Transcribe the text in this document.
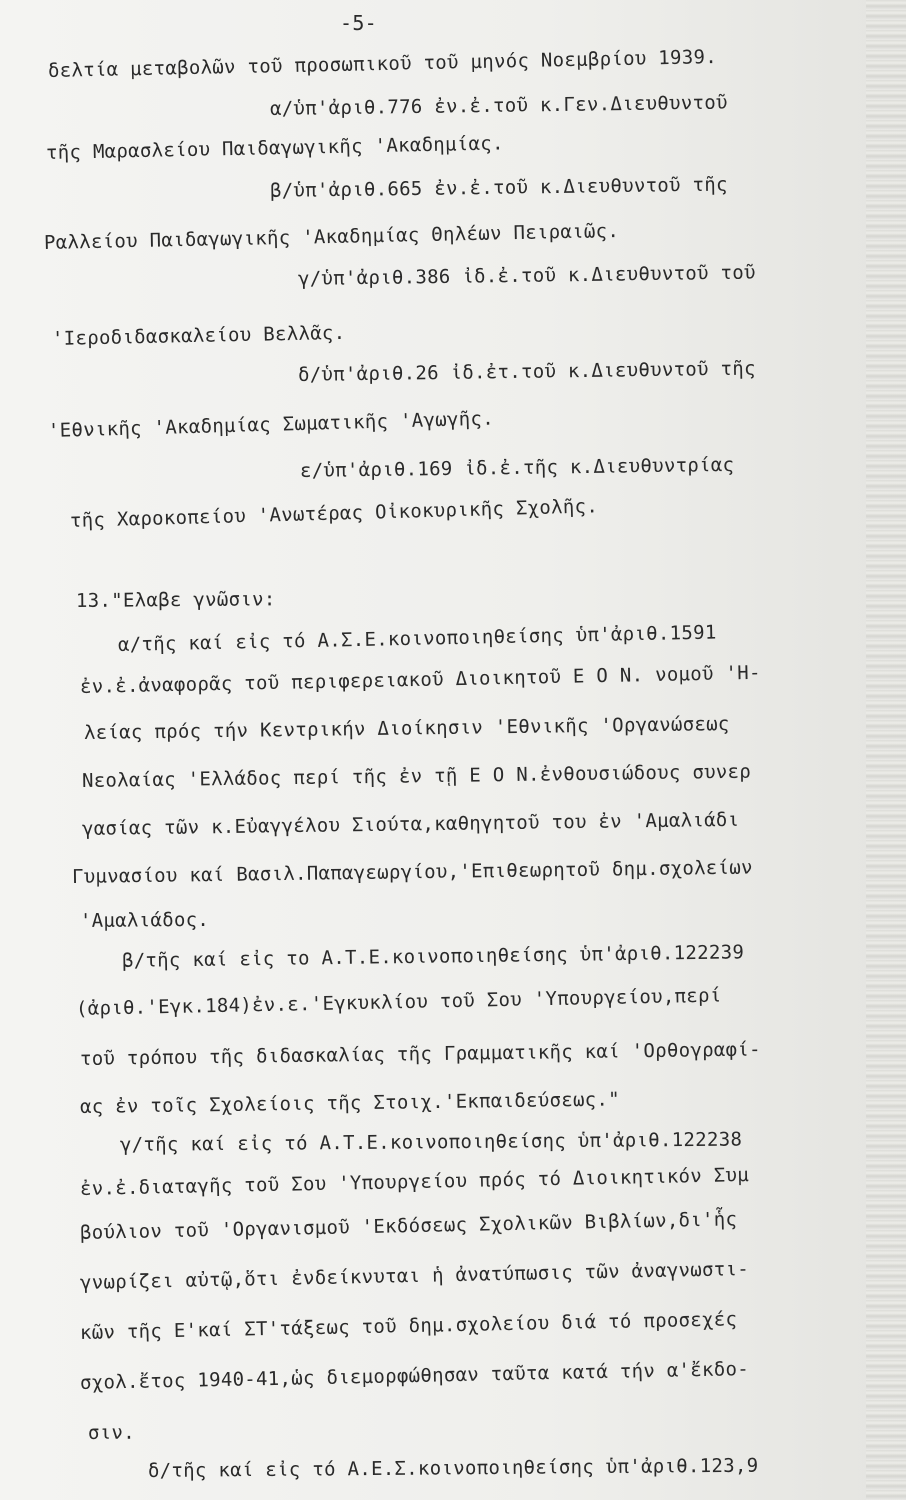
-5-
δελτία μεταβολῶν τοῦ προσωπικοῦ τοῦ μηνός Νοεμβρίου 1939.
α/ὑπ'ἀριθ.776 ἐν.ἐ.τοῦ κ.Γεν.Διευθυντοῦ
τῆς Μαρασλείου Παιδαγωγικῆς 'Ακαδημίας.
β/ὑπ'ἀριθ.665 ἐν.ἐ.τοῦ κ.Διευθυντοῦ τῆς
Ραλλείου Παιδαγωγικῆς 'Ακαδημίας Θηλέων Πειραιῶς.
γ/ὑπ'ἀριθ.386 ἰδ.ἐ.τοῦ κ.Διευθυντοῦ τοῦ
'Ιεροδιδασκαλείου Βελλᾶς.
δ/ὑπ'ἀριθ.26 ἰδ.ἐτ.τοῦ κ.Διευθυντοῦ τῆς
'Εθνικῆς 'Ακαδημίας Σωματικῆς 'Αγωγῆς.
ε/ὑπ'ἀριθ.169 ἰδ.ἐ.τῆς κ.Διευθυντρίας
τῆς Χαροκοπείου 'Ανωτέρας Οἰκοκυρικῆς Σχολῆς.
13."Ελαβε γνῶσιν:
α/τῆς καί εἰς τό Α.Σ.Ε.κοινοποιηθείσης ὑπ'ἀριθ.1591
ἐν.ἐ.ἀναφορᾶς τοῦ περιφερειακοῦ Διοικητοῦ Ε Ο Ν. νομοῦ 'Η-
λείας πρός τήν Κεντρικήν Διοίκησιν 'Εθνικῆς 'Οργανώσεως
Νεολαίας 'Ελλάδος περί τῆς ἐν τῇ Ε Ο Ν.ἐνθουσιώδους συνερ
γασίας τῶν κ.Εὐαγγέλου Σιούτα,καθηγητοῦ του ἐν 'Αμαλιάδι
Γυμνασίου καί Βασιλ.Παπαγεωργίου,'Επιθεωρητοῦ δημ.σχολείων
'Αμαλιάδος.
β/τῆς καί εἰς το Α.Τ.Ε.κοινοποιηθείσης ὑπ'ἀριθ.122239
(ἀριθ.'Εγκ.184)ἐν.ε.'Εγκυκλίου τοῦ Σου 'Υπουργείου,περί
τοῦ τρόπου τῆς διδασκαλίας τῆς Γραμματικῆς καί 'Ορθογραφί-
ας ἐν τοῖς Σχολείοις τῆς Στοιχ.'Εκπαιδεύσεως."
γ/τῆς καί εἰς τό Α.Τ.Ε.κοινοποιηθείσης ὑπ'ἀριθ.122238
ἐν.ἐ.διαταγῆς τοῦ Σου 'Υπουργείου πρός τό Διοικητικόν Συμ
βούλιον τοῦ 'Οργανισμοῦ 'Εκδόσεως Σχολικῶν Βιβλίων,δι'ἧς
γνωρίζει αὐτῷ,ὅτι ἐνδείκνυται ἡ ἀνατύπωσις τῶν ἀναγνωστι-
κῶν τῆς Ε'καί ΣΤ'τάξεως τοῦ δημ.σχολείου διά τό προσεχές
σχολ.ἔτος 1940-41,ὡς διεμορφώθησαν ταῦτα κατά τήν α'ἔκδο-
σιν.
δ/τῆς καί εἰς τό Α.Ε.Σ.κοινοποιηθείσης ὑπ'ἀριθ.123,9
